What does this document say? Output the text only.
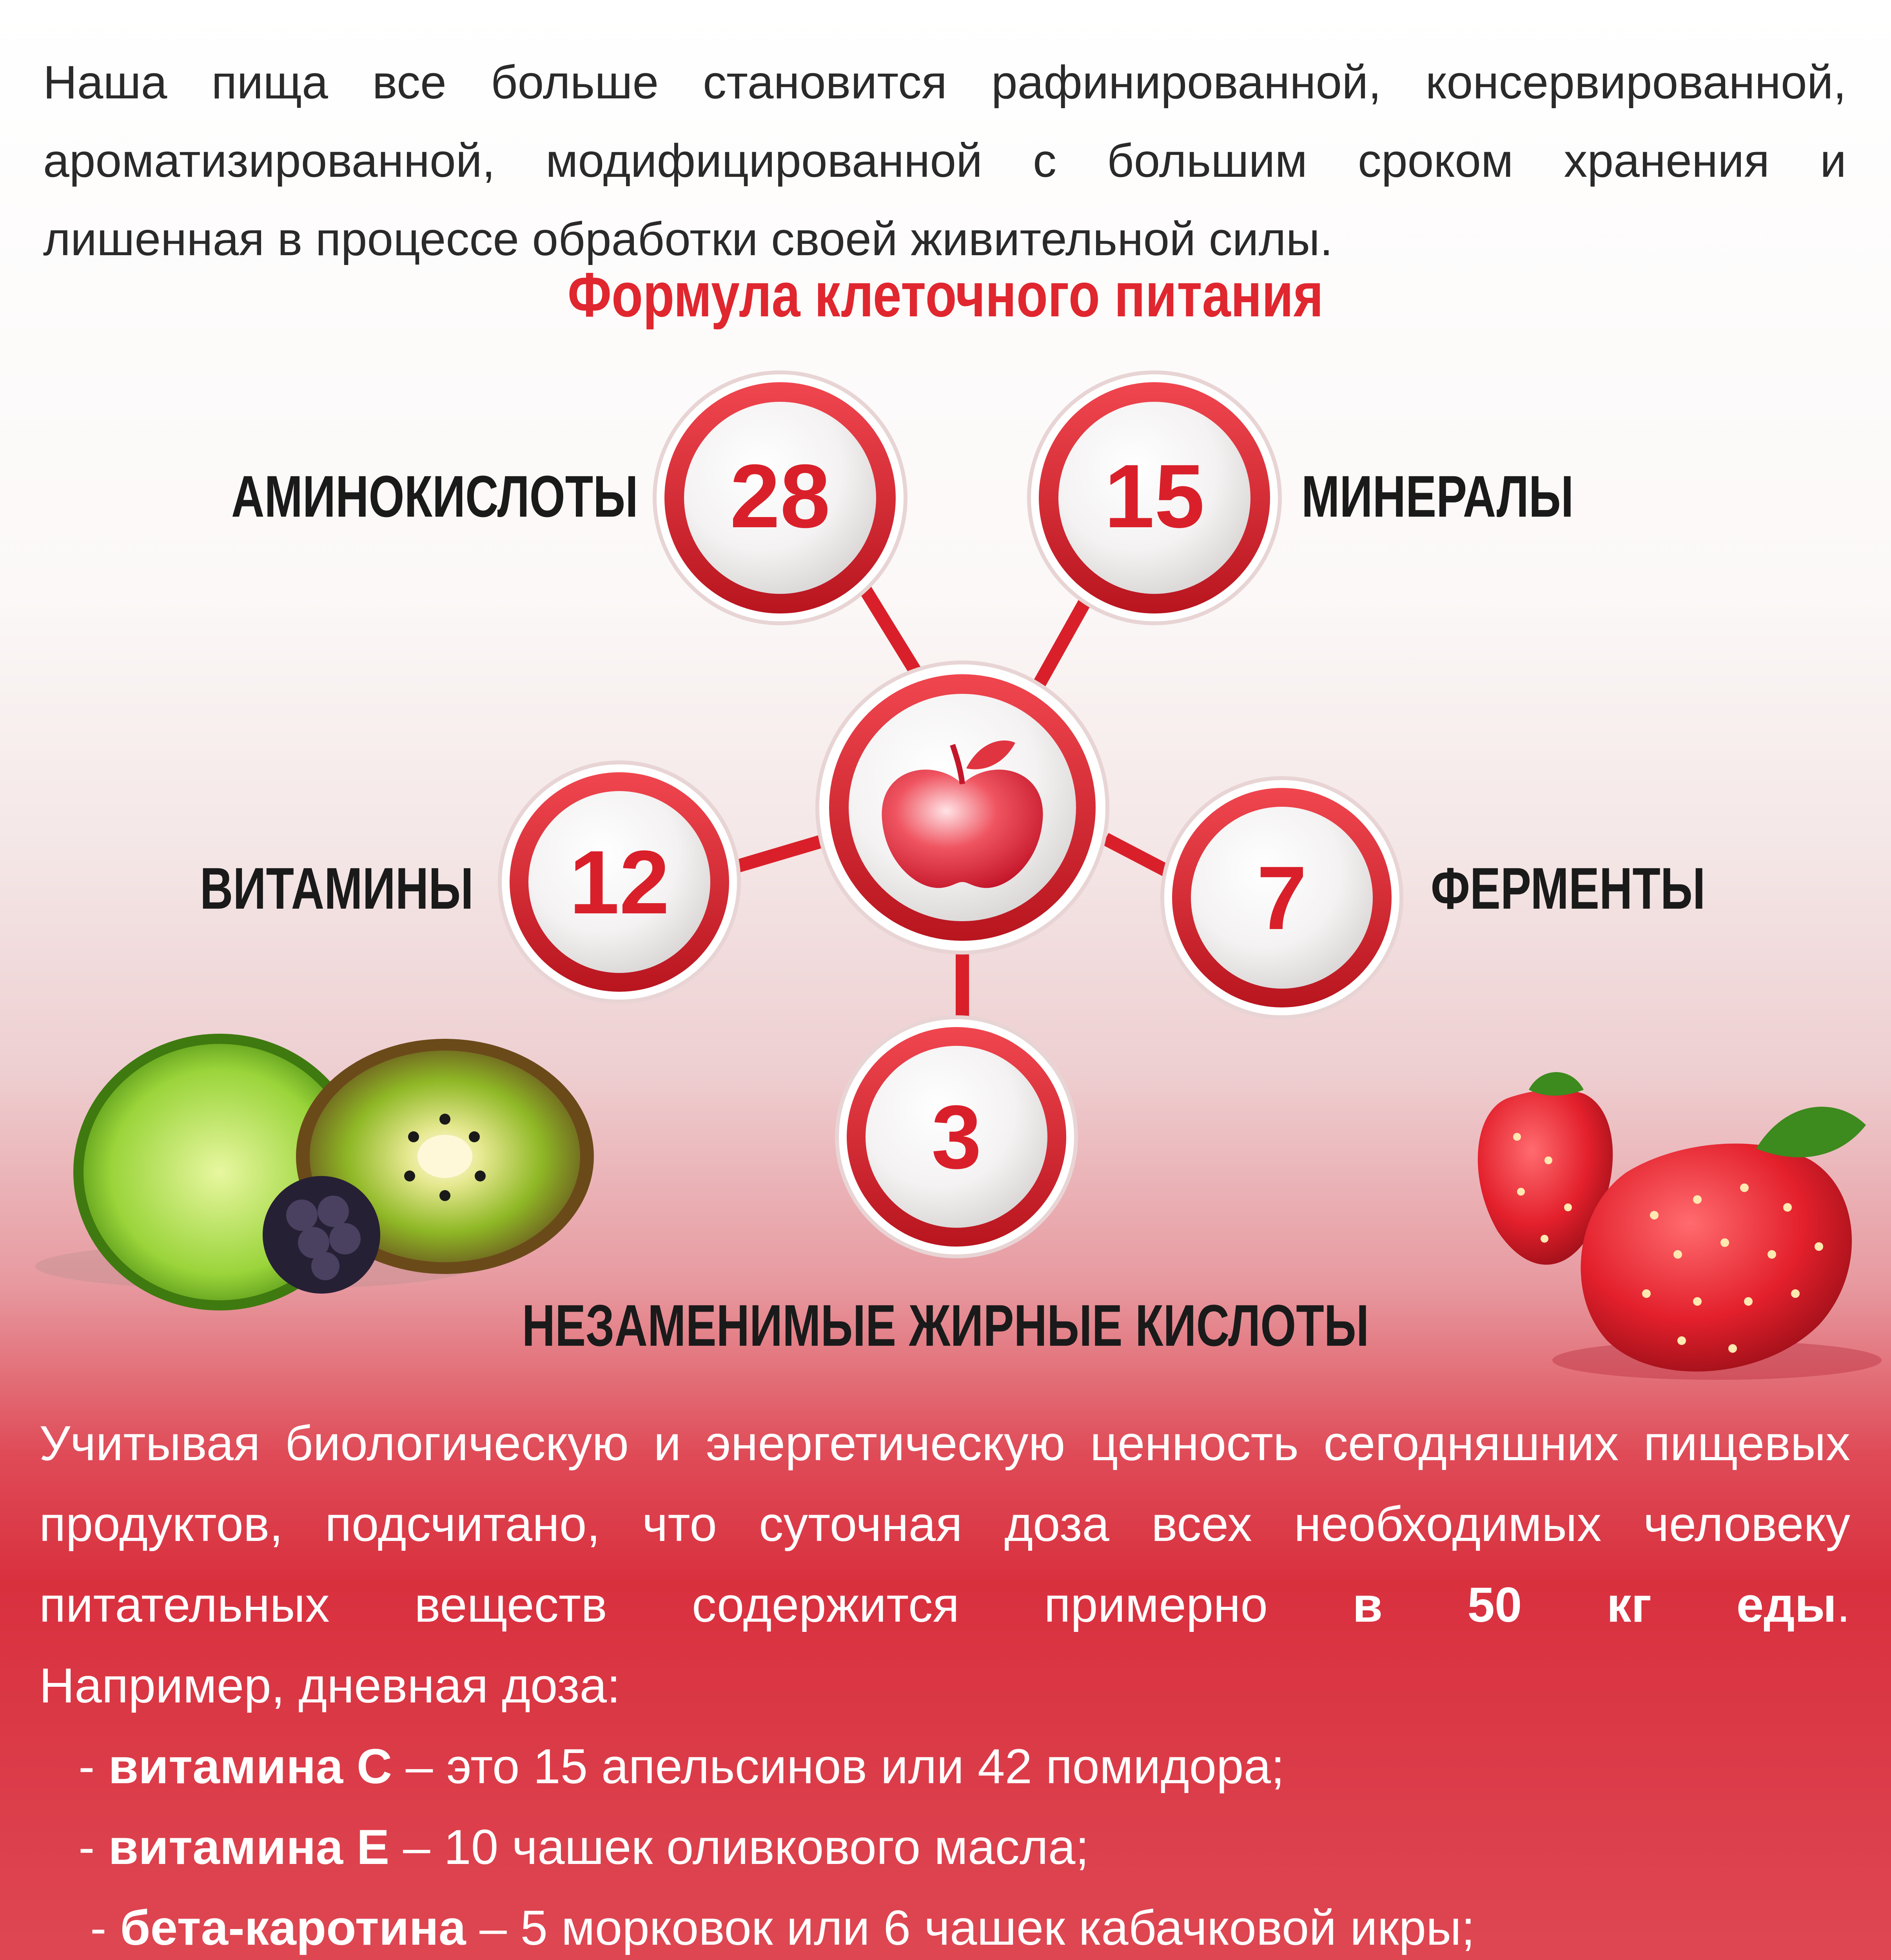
Наша пища все больше становится рафинированной, консервированной, ароматизированной, модифицированной с большим сроком хранения и лишенная в процессе обработки своей живительной силы.
Формула клеточного питания
28	15
12	7
3
АМИНОКИСЛОТЫ	МИНЕРАЛЫ
ВИТАМИНЫ	ФЕРМЕНТЫ
НЕЗАМЕНИМЫЕ ЖИРНЫЕ КИСЛОТЫ
Учитывая биологическую и энергетическую ценность сегодняшних пищевых продуктов, подсчитано, что суточная доза всех необходимых человеку питательных веществ содержится примерно в 50 кг еды.
Например, дневная доза:
- витамина С – это 15 апельсинов или 42 помидора;
- витамина Е – 10 чашек оливкового масла;
- бета-каротина – 5 морковок или 6 чашек кабачковой икры;
